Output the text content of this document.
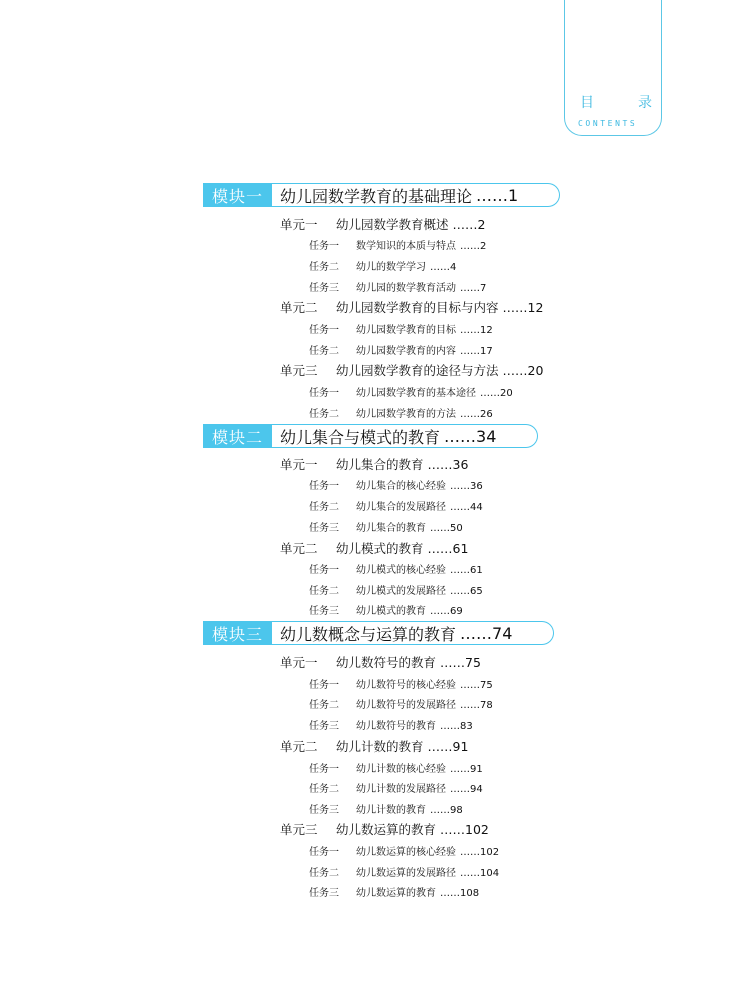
目	录
CONTENTS
模块一	幼儿园数学教育的基础理论 ……1
单元一 幼儿园数学教育概述 ……2
任务一 数学知识的本质与特点 ……2
任务二 幼儿的数学学习 ……4
任务三 幼儿园的数学教育活动 ……7
单元二 幼儿园数学教育的目标与内容 ……12
任务一 幼儿园数学教育的目标 ……12
任务二 幼儿园数学教育的内容 ……17
单元三 幼儿园数学教育的途径与方法 ……20
任务一 幼儿园数学教育的基本途径 ……20
任务二 幼儿园数学教育的方法 ……26
模块二	幼儿集合与模式的教育 ……34
单元一 幼儿集合的教育 ……36
任务一 幼儿集合的核心经验 ……36
任务二 幼儿集合的发展路径 ……44
任务三 幼儿集合的教育 ……50
单元二 幼儿模式的教育 ……61
任务一 幼儿模式的核心经验 ……61
任务二 幼儿模式的发展路径 ……65
任务三 幼儿模式的教育 ……69
模块三	幼儿数概念与运算的教育 ……74
单元一 幼儿数符号的教育 ……75
任务一 幼儿数符号的核心经验 ……75
任务二 幼儿数符号的发展路径 ……78
任务三 幼儿数符号的教育 ……83
单元二 幼儿计数的教育 ……91
任务一 幼儿计数的核心经验 ……91
任务二 幼儿计数的发展路径 ……94
任务三 幼儿计数的教育 ……98
单元三 幼儿数运算的教育 ……102
任务一 幼儿数运算的核心经验 ……102
任务二 幼儿数运算的发展路径 ……104
任务三 幼儿数运算的教育 ……108
